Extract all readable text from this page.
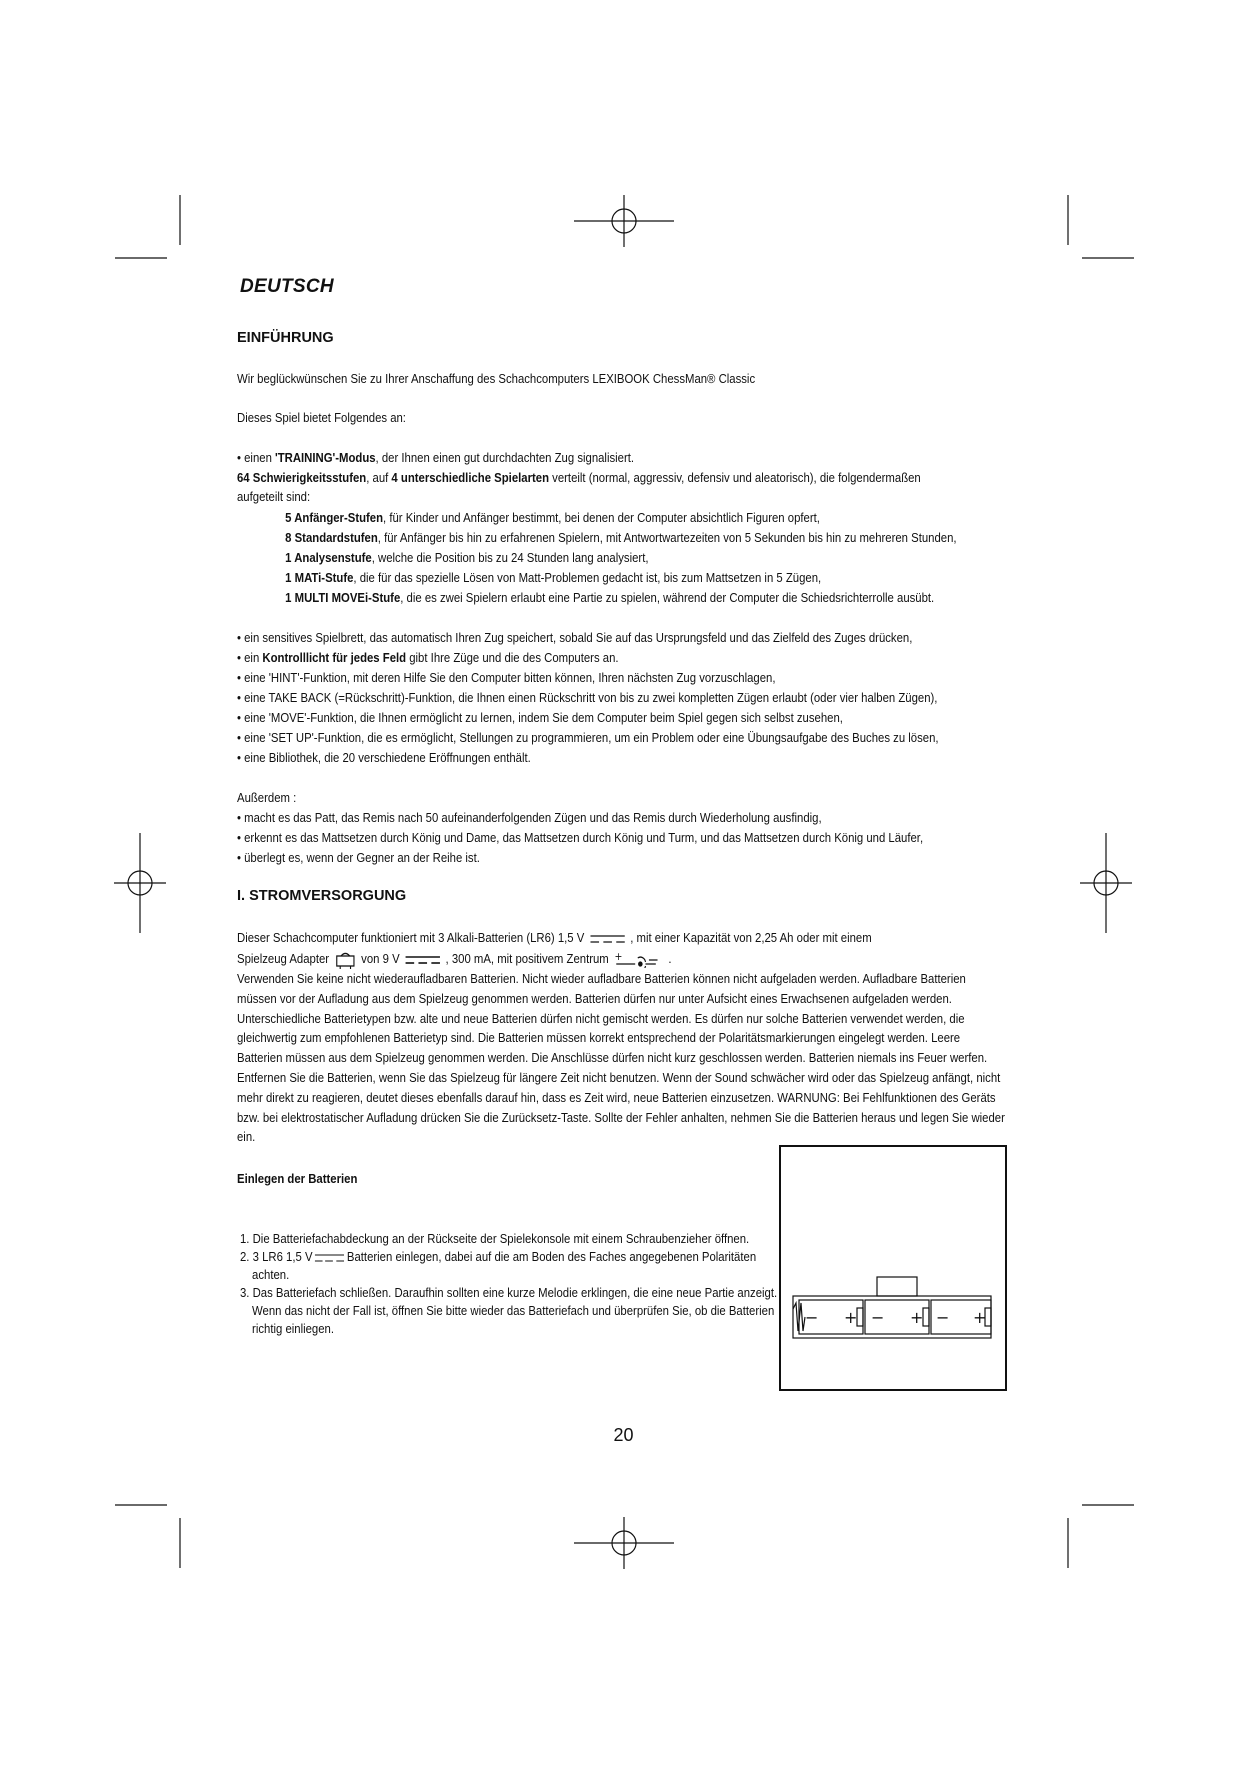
DEUTSCH
EINFÜHRUNG
Wir beglückwünschen Sie zu Ihrer Anschaffung des Schachcomputers LEXIBOOK ChessMan® Classic
Dieses Spiel bietet Folgendes an:
• einen 'TRAINING'-Modus, der Ihnen einen gut durchdachten Zug signalisiert.
64 Schwierigkeitsstufen, auf 4 unterschiedliche Spielarten verteilt (normal, aggressiv, defensiv und aleatorisch), die folgendermaßen
aufgeteilt sind:
5 Anfänger-Stufen, für Kinder und Anfänger bestimmt, bei denen der Computer absichtlich Figuren opfert,
8 Standardstufen, für Anfänger bis hin zu erfahrenen Spielern, mit Antwortwartezeiten von 5 Sekunden bis hin zu mehreren Stunden,
1 Analysenstufe, welche die Position bis zu 24 Stunden lang analysiert,
1 MATi-Stufe, die für das spezielle Lösen von Matt-Problemen gedacht ist, bis zum Mattsetzen in 5 Zügen,
1 MULTI MOVEi-Stufe, die es zwei Spielern erlaubt eine Partie zu spielen, während der Computer die Schiedsrichterrolle ausübt.
• ein sensitives Spielbrett, das automatisch Ihren Zug speichert, sobald Sie auf das Ursprungsfeld und das Zielfeld des Zuges drücken,
• ein Kontrolllicht für jedes Feld gibt Ihre Züge und die des Computers an.
• eine 'HINT'-Funktion, mit deren Hilfe Sie den Computer bitten können, Ihren nächsten Zug vorzuschlagen,
• eine TAKE BACK (=Rückschritt)-Funktion, die Ihnen einen Rückschritt von bis zu zwei kompletten Zügen erlaubt (oder vier halben Zügen),
• eine 'MOVE'-Funktion, die Ihnen ermöglicht zu lernen, indem Sie dem Computer beim Spiel gegen sich selbst zusehen,
• eine 'SET UP'-Funktion, die es ermöglicht, Stellungen zu programmieren, um ein Problem oder eine Übungsaufgabe des Buches zu lösen,
• eine Bibliothek, die 20 verschiedene Eröffnungen enthält.
Außerdem :
• macht es das Patt, das Remis nach 50 aufeinanderfolgenden Zügen und das Remis durch Wiederholung ausfindig,
• erkennt es das Mattsetzen durch König und Dame, das Mattsetzen durch König und Turm, und das Mattsetzen durch König und Läufer,
• überlegt es, wenn der Gegner an der Reihe ist.
I. STROMVERSORGUNG
Dieser Schachcomputer funktioniert mit 3 Alkali-Batterien (LR6) 1,5 V	, mit einer Kapazität von 2,25 Ah oder mit einem
Spielzeug Adapter von 9 V	, 300 mA, mit positivem Zentrum +	.
Verwenden Sie keine nicht wiederaufladbaren Batterien. Nicht wieder aufladbare Batterien können nicht aufgeladen werden. Aufladbare Batterien müssen vor der Aufladung aus dem Spielzeug genommen werden. Batterien dürfen nur unter Aufsicht eines Erwachsenen aufgeladen werden. Unterschiedliche Batterietypen bzw. alte und neue Batterien dürfen nicht gemischt werden. Es dürfen nur solche Batterien verwendet werden, die gleichwertig zum empfohlenen Batterietyp sind. Die Batterien müssen korrekt entsprechend der Polaritätsmarkierungen eingelegt werden. Leere Batterien müssen aus dem Spielzeug genommen werden. Die Anschlüsse dürfen nicht kurz geschlossen werden. Batterien niemals ins Feuer werfen. Entfernen Sie die Batterien, wenn Sie das Spielzeug für längere Zeit nicht benutzen. Wenn der Sound schwächer wird oder das Spielzeug anfängt, nicht mehr direkt zu reagieren, deutet dieses ebenfalls darauf hin, dass es Zeit wird, neue Batterien einzusetzen. WARNUNG: Bei Fehlfunktionen des Geräts bzw. bei elektrostatischer Aufladung drücken Sie die Zurücksetz-Taste. Sollte der Fehler anhalten, nehmen Sie die Batterien heraus und legen Sie wieder ein.
Einlegen der Batterien
1. Die Batteriefachabdeckung an der Rückseite der Spielekonsole mit einem Schraubenzieher öffnen.
2. 3 LR6 1,5 V	Batterien einlegen, dabei auf die am Boden des Faches angegebenen Polaritäten achten.
3. Das Batteriefach schließen. Daraufhin sollten eine kurze Melodie erklingen, die eine neue Partie anzeigt. Wenn das nicht der Fall ist, öffnen Sie bitte wieder das Batteriefach und überprüfen Sie, ob die Batterien richtig einliegen.
− + − + − +
20
